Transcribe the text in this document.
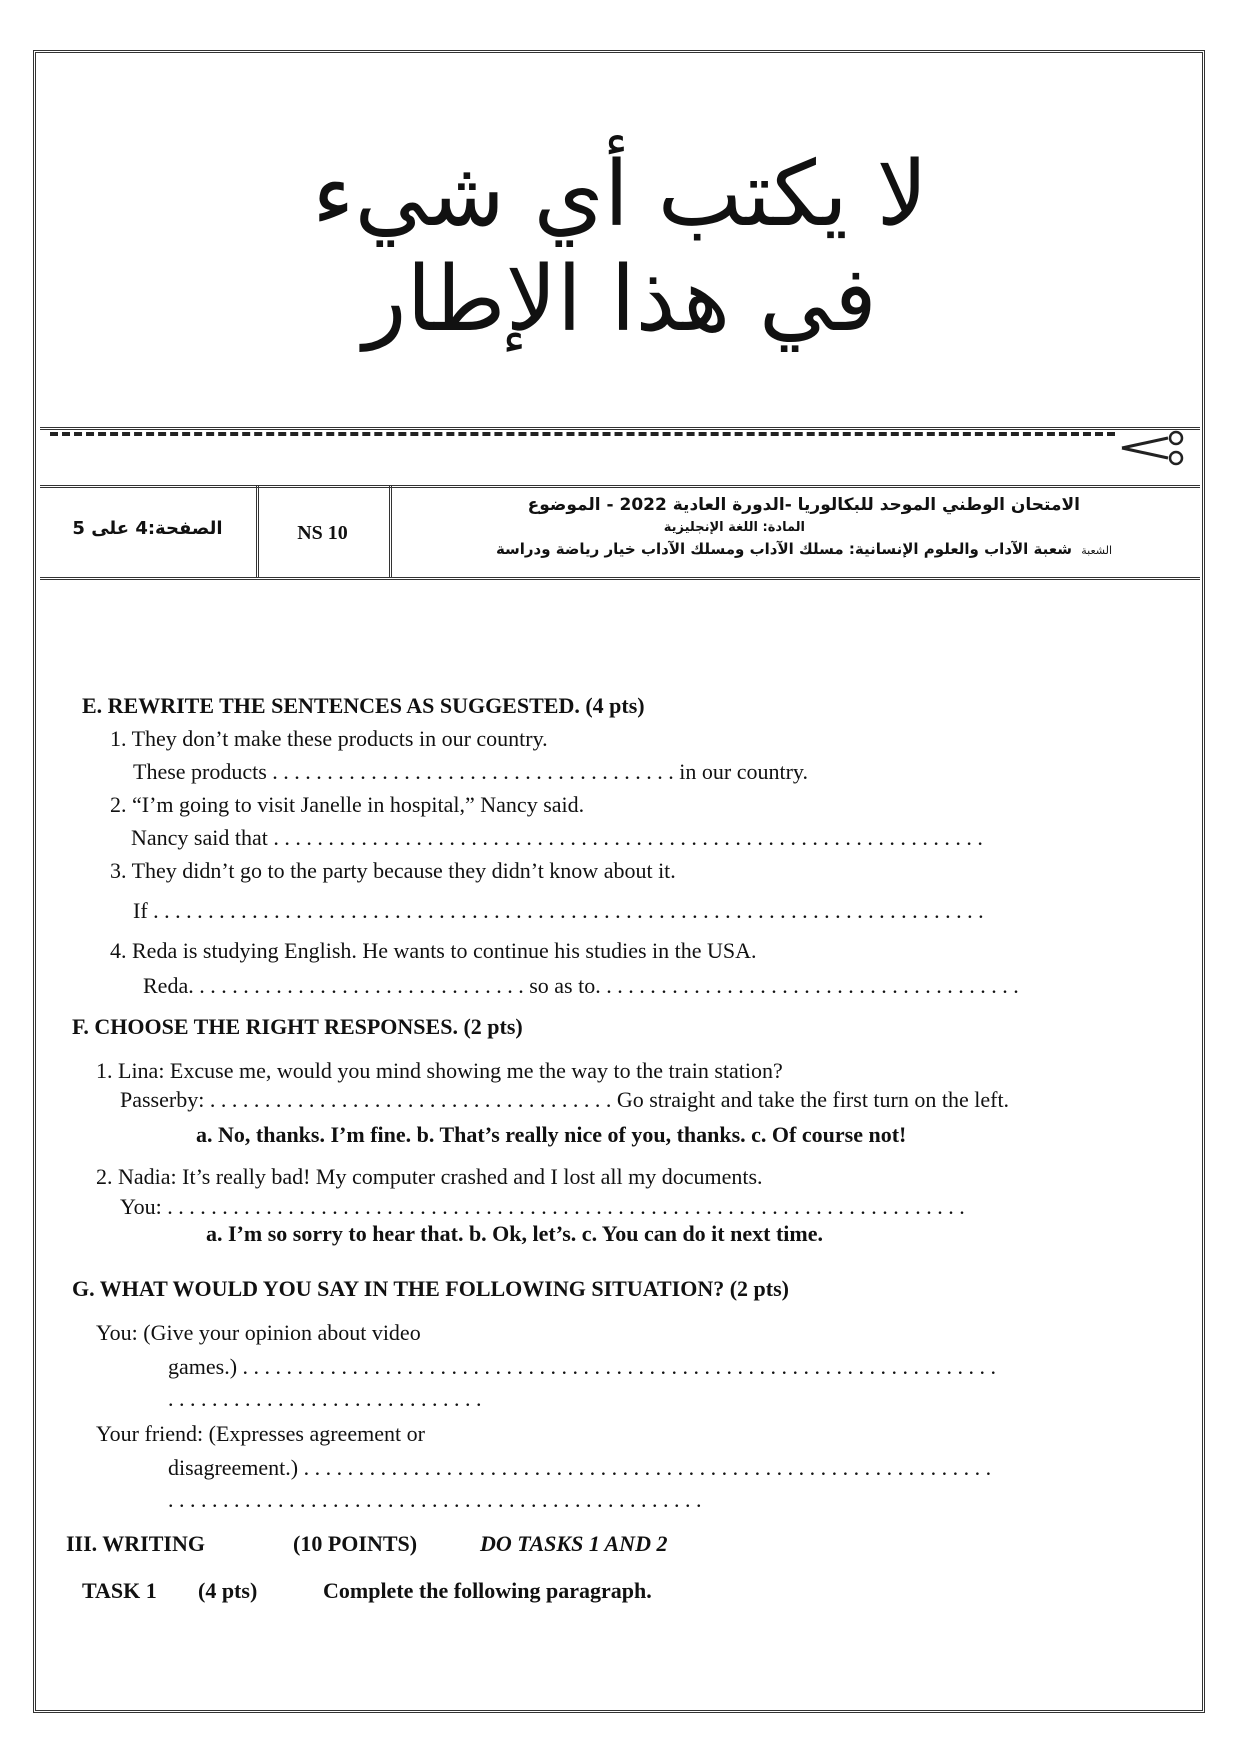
لا يكتب أي شيء
في هذا الإطار
الصفحة:4 على 5	NS 10
الامتحان الوطني الموحد للبكالوريا -الدورة العادية 2022 - الموضوع
المادة: اللغة الإنجليزية
الشعبة
شعبة الآداب والعلوم الإنسانية: مسلك الآداب ومسلك الآداب خيار رياضة ودراسة
E. REWRITE THE SENTENCES AS SUGGESTED. (4 pts)
1. They don’t make these products in our country.
These products . . . . . . . . . . . . . . . . . . . . . . . . . . . . . . . . . . . . . in our country.
2. “I’m going to visit Janelle in hospital,” Nancy said.
Nancy said that . . . . . . . . . . . . . . . . . . . . . . . . . . . . . . . . . . . . . . . . . . . . . . . . . . . . . . . . . . . . . . . . .
3. They didn’t go to the party because they didn’t know about it.
If . . . . . . . . . . . . . . . . . . . . . . . . . . . . . . . . . . . . . . . . . . . . . . . . . . . . . . . . . . . . . . . . . . . . . . . . . . . .
4. Reda is studying English. He wants to continue his studies in the USA.
Reda. . . . . . . . . . . . . . . . . . . . . . . . . . . . . . . so as to. . . . . . . . . . . . . . . . . . . . . . . . . . . . . . . . . . . . . . .
F. CHOOSE THE RIGHT RESPONSES. (2 pts)
1. Lina: Excuse me, would you mind showing me the way to the train station?
Passerby: . . . . . . . . . . . . . . . . . . . . . . . . . . . . . . . . . . . . . Go straight and take the first turn on the left.
a. No, thanks. I’m fine. b. That’s really nice of you, thanks. c. Of course not!
2. Nadia: It’s really bad! My computer crashed and I lost all my documents.
You: . . . . . . . . . . . . . . . . . . . . . . . . . . . . . . . . . . . . . . . . . . . . . . . . . . . . . . . . . . . . . . . . . . . . . . . . .
a. I’m so sorry to hear that. b. Ok, let’s. c. You can do it next time.
G. WHAT WOULD YOU SAY IN THE FOLLOWING SITUATION? (2 pts)
You: (Give your opinion about video
games.) . . . . . . . . . . . . . . . . . . . . . . . . . . . . . . . . . . . . . . . . . . . . . . . . . . . . . . . . . . . . . . . . . . . . .
. . . . . . . . . . . . . . . . . . . . . . . . . . . . .
Your friend: (Expresses agreement or
disagreement.) . . . . . . . . . . . . . . . . . . . . . . . . . . . . . . . . . . . . . . . . . . . . . . . . . . . . . . . . . . . . . . .
. . . . . . . . . . . . . . . . . . . . . . . . . . . . . . . . . . . . . . . . . . . . . . . . .
III. WRITING	(10 POINTS)	DO TASKS 1 AND 2
TASK 1 (4 pts)	Complete the following paragraph.
